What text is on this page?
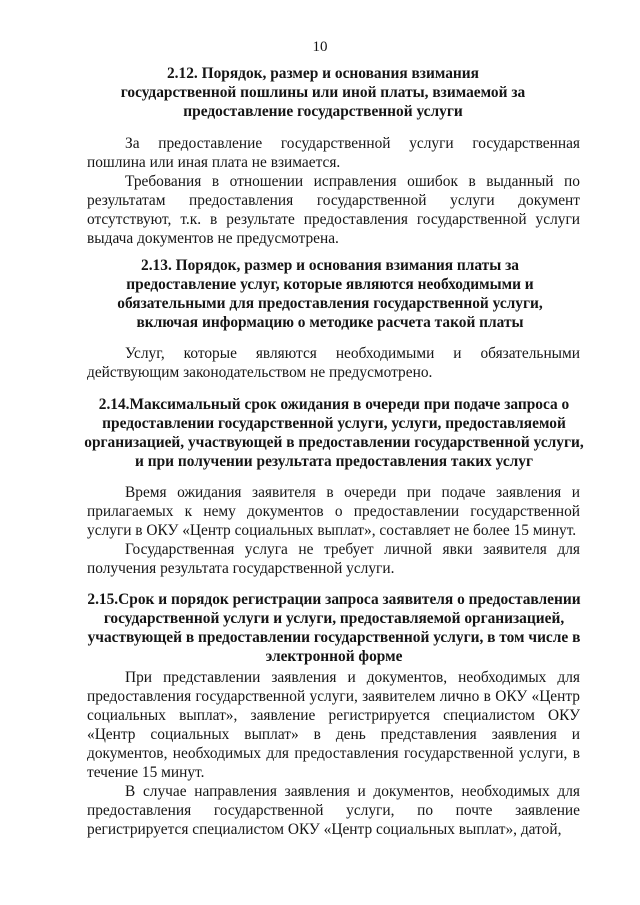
10
2.12. Порядок, размер и основания взимания государственной пошлины или иной платы, взимаемой за предоставление государственной услуги
За предоставление государственной услуги государственная пошлина или иная плата не взимается.
Требования в отношении исправления ошибок в выданный по результатам предоставления государственной услуги документ отсутствуют, т.к. в результате предоставления государственной услуги выдача документов не предусмотрена.
2.13. Порядок, размер и основания взимания платы за предоставление услуг, которые являются необходимыми и обязательными для предоставления государственной услуги, включая информацию о методике расчета такой платы
Услуг, которые являются необходимыми и обязательными действующим законодательством не предусмотрено.
2.14.Максимальный срок ожидания в очереди при подаче запроса о предоставлении государственной услуги, услуги, предоставляемой организацией, участвующей в предоставлении государственной услуги, и при получении результата предоставления таких услуг
Время ожидания заявителя в очереди при подаче заявления и прилагаемых к нему документов о предоставлении государственной услуги в ОКУ «Центр социальных выплат», составляет не более 15 минут.
Государственная услуга не требует личной явки заявителя для получения результата государственной услуги.
2.15.Срок и порядок регистрации запроса заявителя о предоставлении государственной услуги и услуги, предоставляемой организацией, участвующей в предоставлении государственной услуги, в том числе в электронной форме
При представлении заявления и документов, необходимых для предоставления государственной услуги, заявителем лично в ОКУ «Центр социальных выплат», заявление регистрируется специалистом ОКУ «Центр социальных выплат» в день представления заявления и документов, необходимых для предоставления государственной услуги, в течение 15 минут.
В случае направления заявления и документов, необходимых для предоставления государственной услуги, по почте заявление регистрируется специалистом ОКУ «Центр социальных выплат», датой,
